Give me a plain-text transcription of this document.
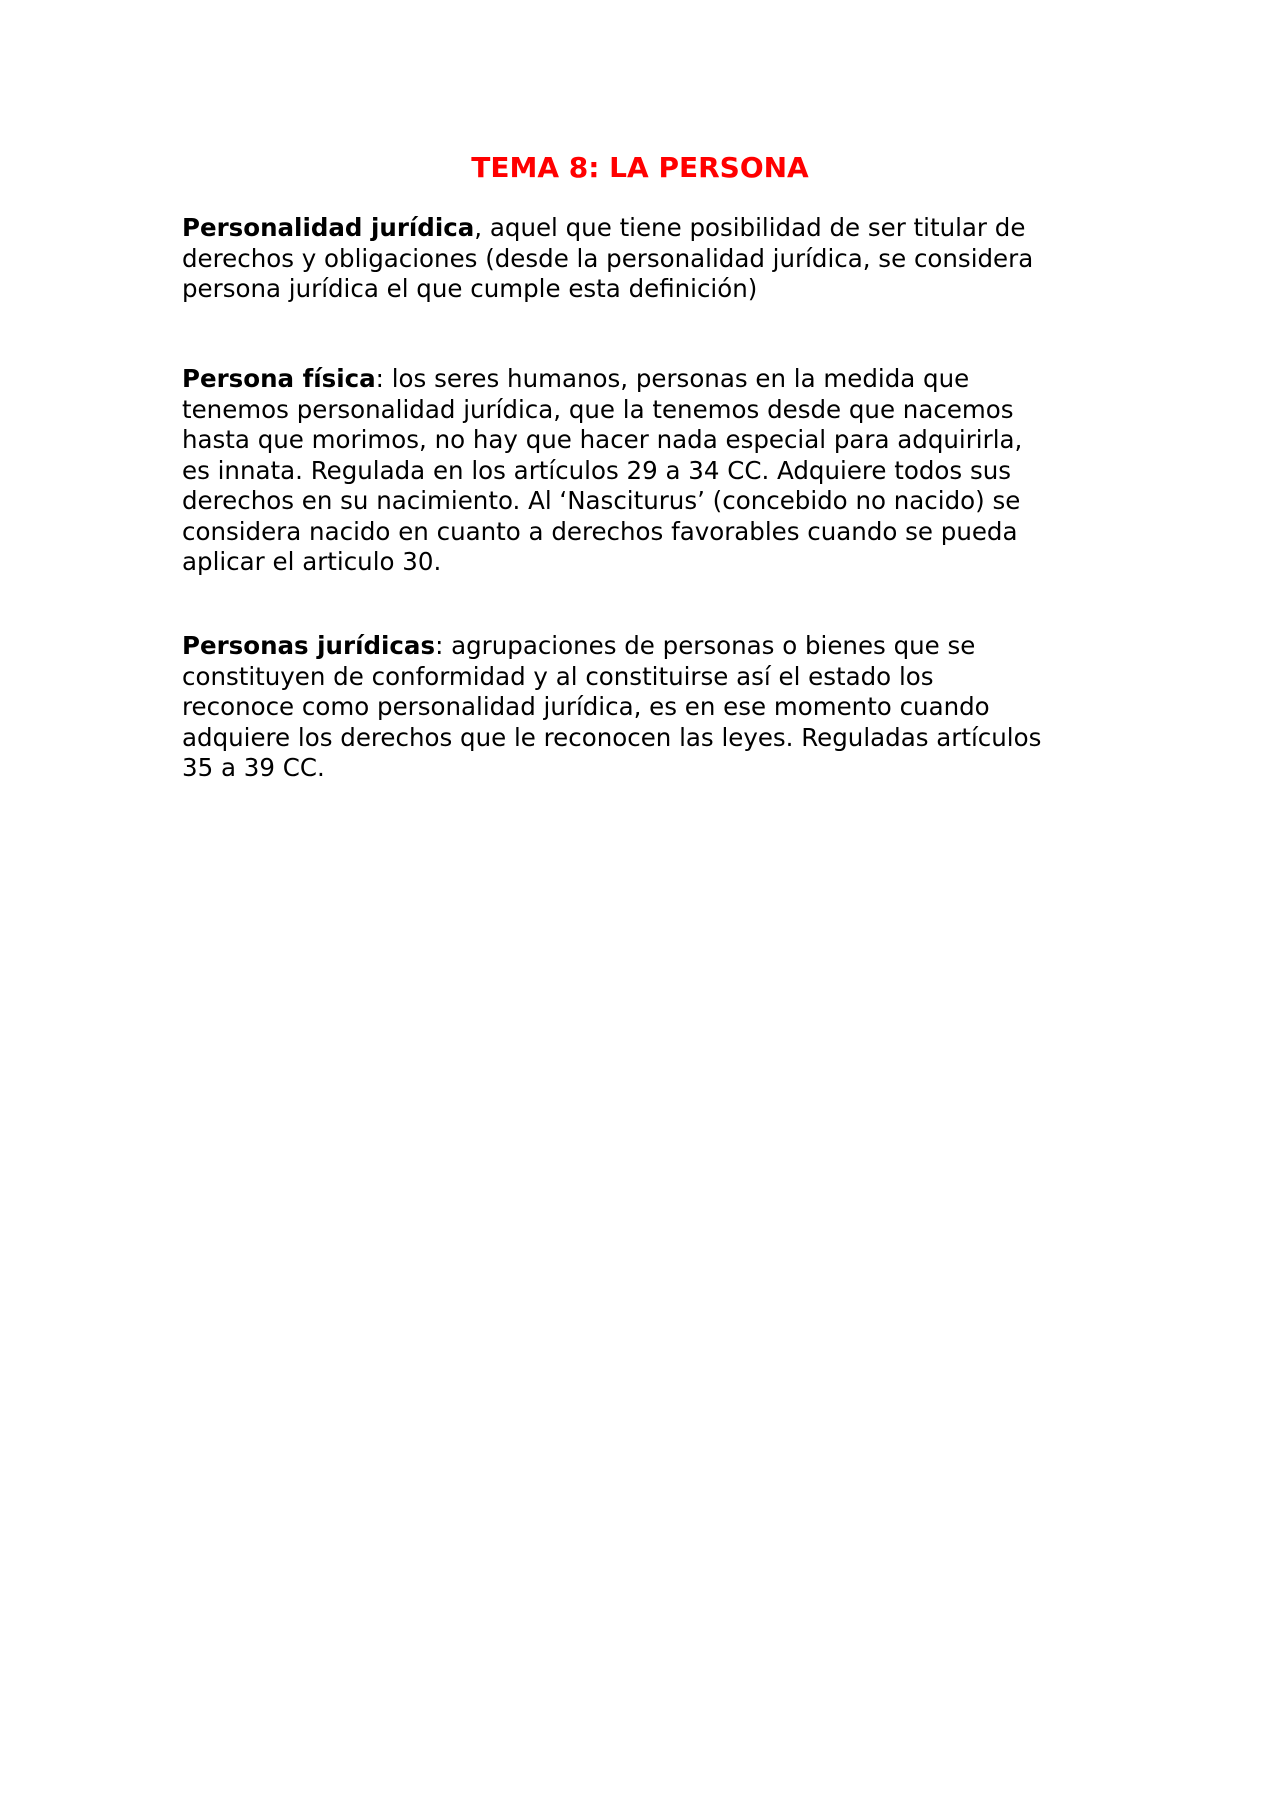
TEMA 8: LA PERSONA

Personalidad jurídica, aquel que tiene posibilidad de ser titular de
derechos y obligaciones (desde la personalidad jurídica, se considera
persona jurídica el que cumple esta definición)

Persona física: los seres humanos, personas en la medida que
tenemos personalidad jurídica, que la tenemos desde que nacemos
hasta que morimos, no hay que hacer nada especial para adquirirla,
es innata. Regulada en los artículos 29 a 34 CC. Adquiere todos sus
derechos en su nacimiento. Al ‘Nasciturus’ (concebido no nacido) se
considera nacido en cuanto a derechos favorables cuando se pueda
aplicar el articulo 30.

Personas jurídicas: agrupaciones de personas o bienes que se
constituyen de conformidad y al constituirse así el estado los
reconoce como personalidad jurídica, es en ese momento cuando
adquiere los derechos que le reconocen las leyes. Reguladas artículos
35 a 39 CC.
